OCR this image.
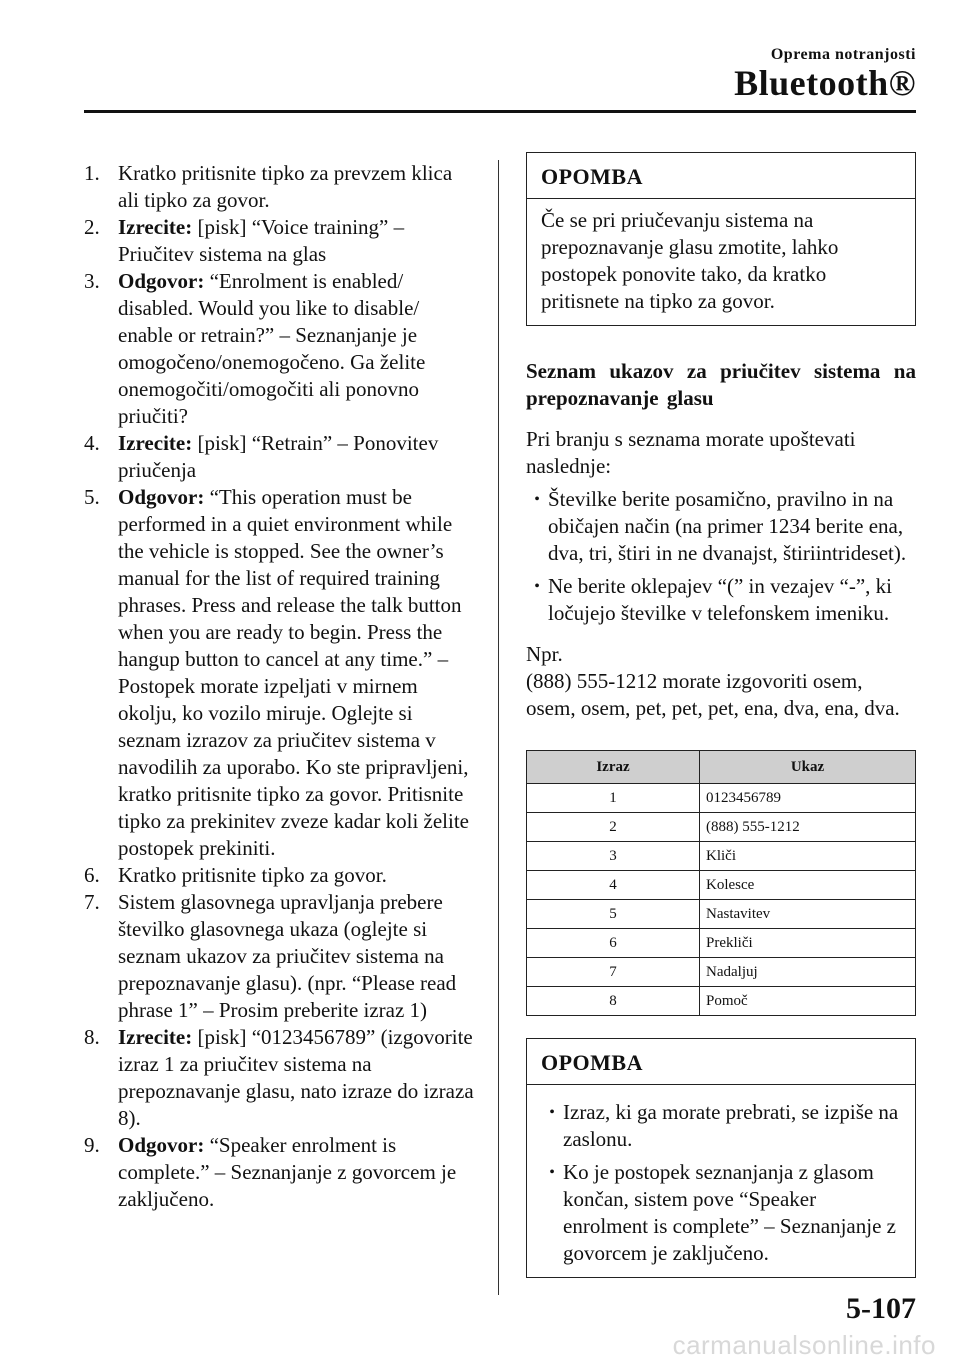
Oprema notranjosti
Bluetooth®
1. Kratko pritisnite tipko za prevzem klica ali tipko za govor.
2. Izrecite: [pisk] “Voice training” – Priučitev sistema na glas
3. Odgovor: “Enrolment is enabled/ disabled. Would you like to disable/ enable or retrain?” – Seznanjanje je omogočeno/onemogočeno. Ga želite onemogočiti/omogočiti ali ponovno priučiti?
4. Izrecite: [pisk] “Retrain” – Ponovitev priučenja
5. Odgovor: “This operation must be performed in a quiet environment while the vehicle is stopped. See the owner’s manual for the list of required training phrases. Press and release the talk button when you are ready to begin. Press the hangup button to cancel at any time.” – Postopek morate izpeljati v mirnem okolju, ko vozilo miruje. Oglejte si seznam izrazov za priučitev sistema v navodilih za uporabo. Ko ste pripravljeni, kratko pritisnite tipko za govor. Pritisnite tipko za prekinitev zveze kadar koli želite postopek prekiniti.
6. Kratko pritisnite tipko za govor.
7. Sistem glasovnega upravljanja prebere številko glasovnega ukaza (oglejte si seznam ukazov za priučitev sistema na prepoznavanje glasu). (npr. “Please read phrase 1” – Prosim preberite izraz 1)
8. Izrecite: [pisk] “0123456789” (izgovorite izraz 1 za priučitev sistema na prepoznavanje glasu, nato izraze do izraza 8).
9. Odgovor: “Speaker enrolment is complete.” – Seznanjanje z govorcem je zaključeno.
OPOMBA
Če se pri priučevanju sistema na prepoznavanje glasu zmotite, lahko postopek ponovite tako, da kratko pritisnete na tipko za govor.
Seznam ukazov za priučitev sistema na prepoznavanje glasu
Pri branju s seznama morate upoštevati naslednje:
• Številke berite posamično, pravilno in na običajen način (na primer 1234 berite ena, dva, tri, štiri in ne dvanajst, štiriintrideset).
• Ne berite oklepajev “(” in vezajev “-”, ki ločujejo številke v telefonskem imeniku.
Npr.
(888) 555-1212 morate izgovoriti osem, osem, osem, pet, pet, pet, ena, dva, ena, dva.
Izraz	Ukaz
1	0123456789
2	(888) 555-1212
3	Kliči
4	Kolesce
5	Nastavitev
6	Prekliči
7	Nadaljuj
8	Pomoč
OPOMBA
• Izraz, ki ga morate prebrati, se izpiše na zaslonu.
• Ko je postopek seznanjanja z glasom končan, sistem pove “Speaker enrolment is complete” – Seznanjanje z govorcem je zaključeno.
5-107
carmanualsonline.info
